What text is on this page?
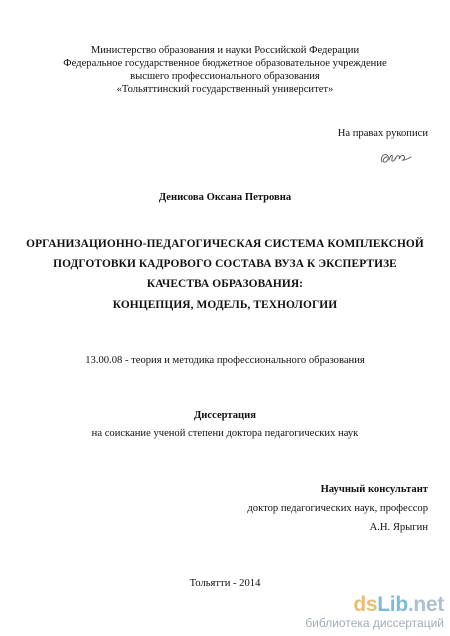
Министерство образования и науки Российской Федерации
Федеральное государственное бюджетное образовательное учреждение
высшего профессионального образования
«Тольяттинский государственный университет»
На правах рукописи
Денисова Оксана Петровна
ОРГАНИЗАЦИОННО-ПЕДАГОГИЧЕСКАЯ СИСТЕМА КОМПЛЕКСНОЙ
ПОДГОТОВКИ КАДРОВОГО СОСТАВА ВУЗА К ЭКСПЕРТИЗЕ
КАЧЕСТВА ОБРАЗОВАНИЯ:
КОНЦЕПЦИЯ, МОДЕЛЬ, ТЕХНОЛОГИИ
13.00.08 - теория и методика профессионального образования
Диссертация
на соискание ученой степени доктора педагогических наук
Научный консультант
доктор педагогических наук, профессор
А.Н. Ярыгин
Тольятти - 2014
dsLib.net
библиотека диссертаций
